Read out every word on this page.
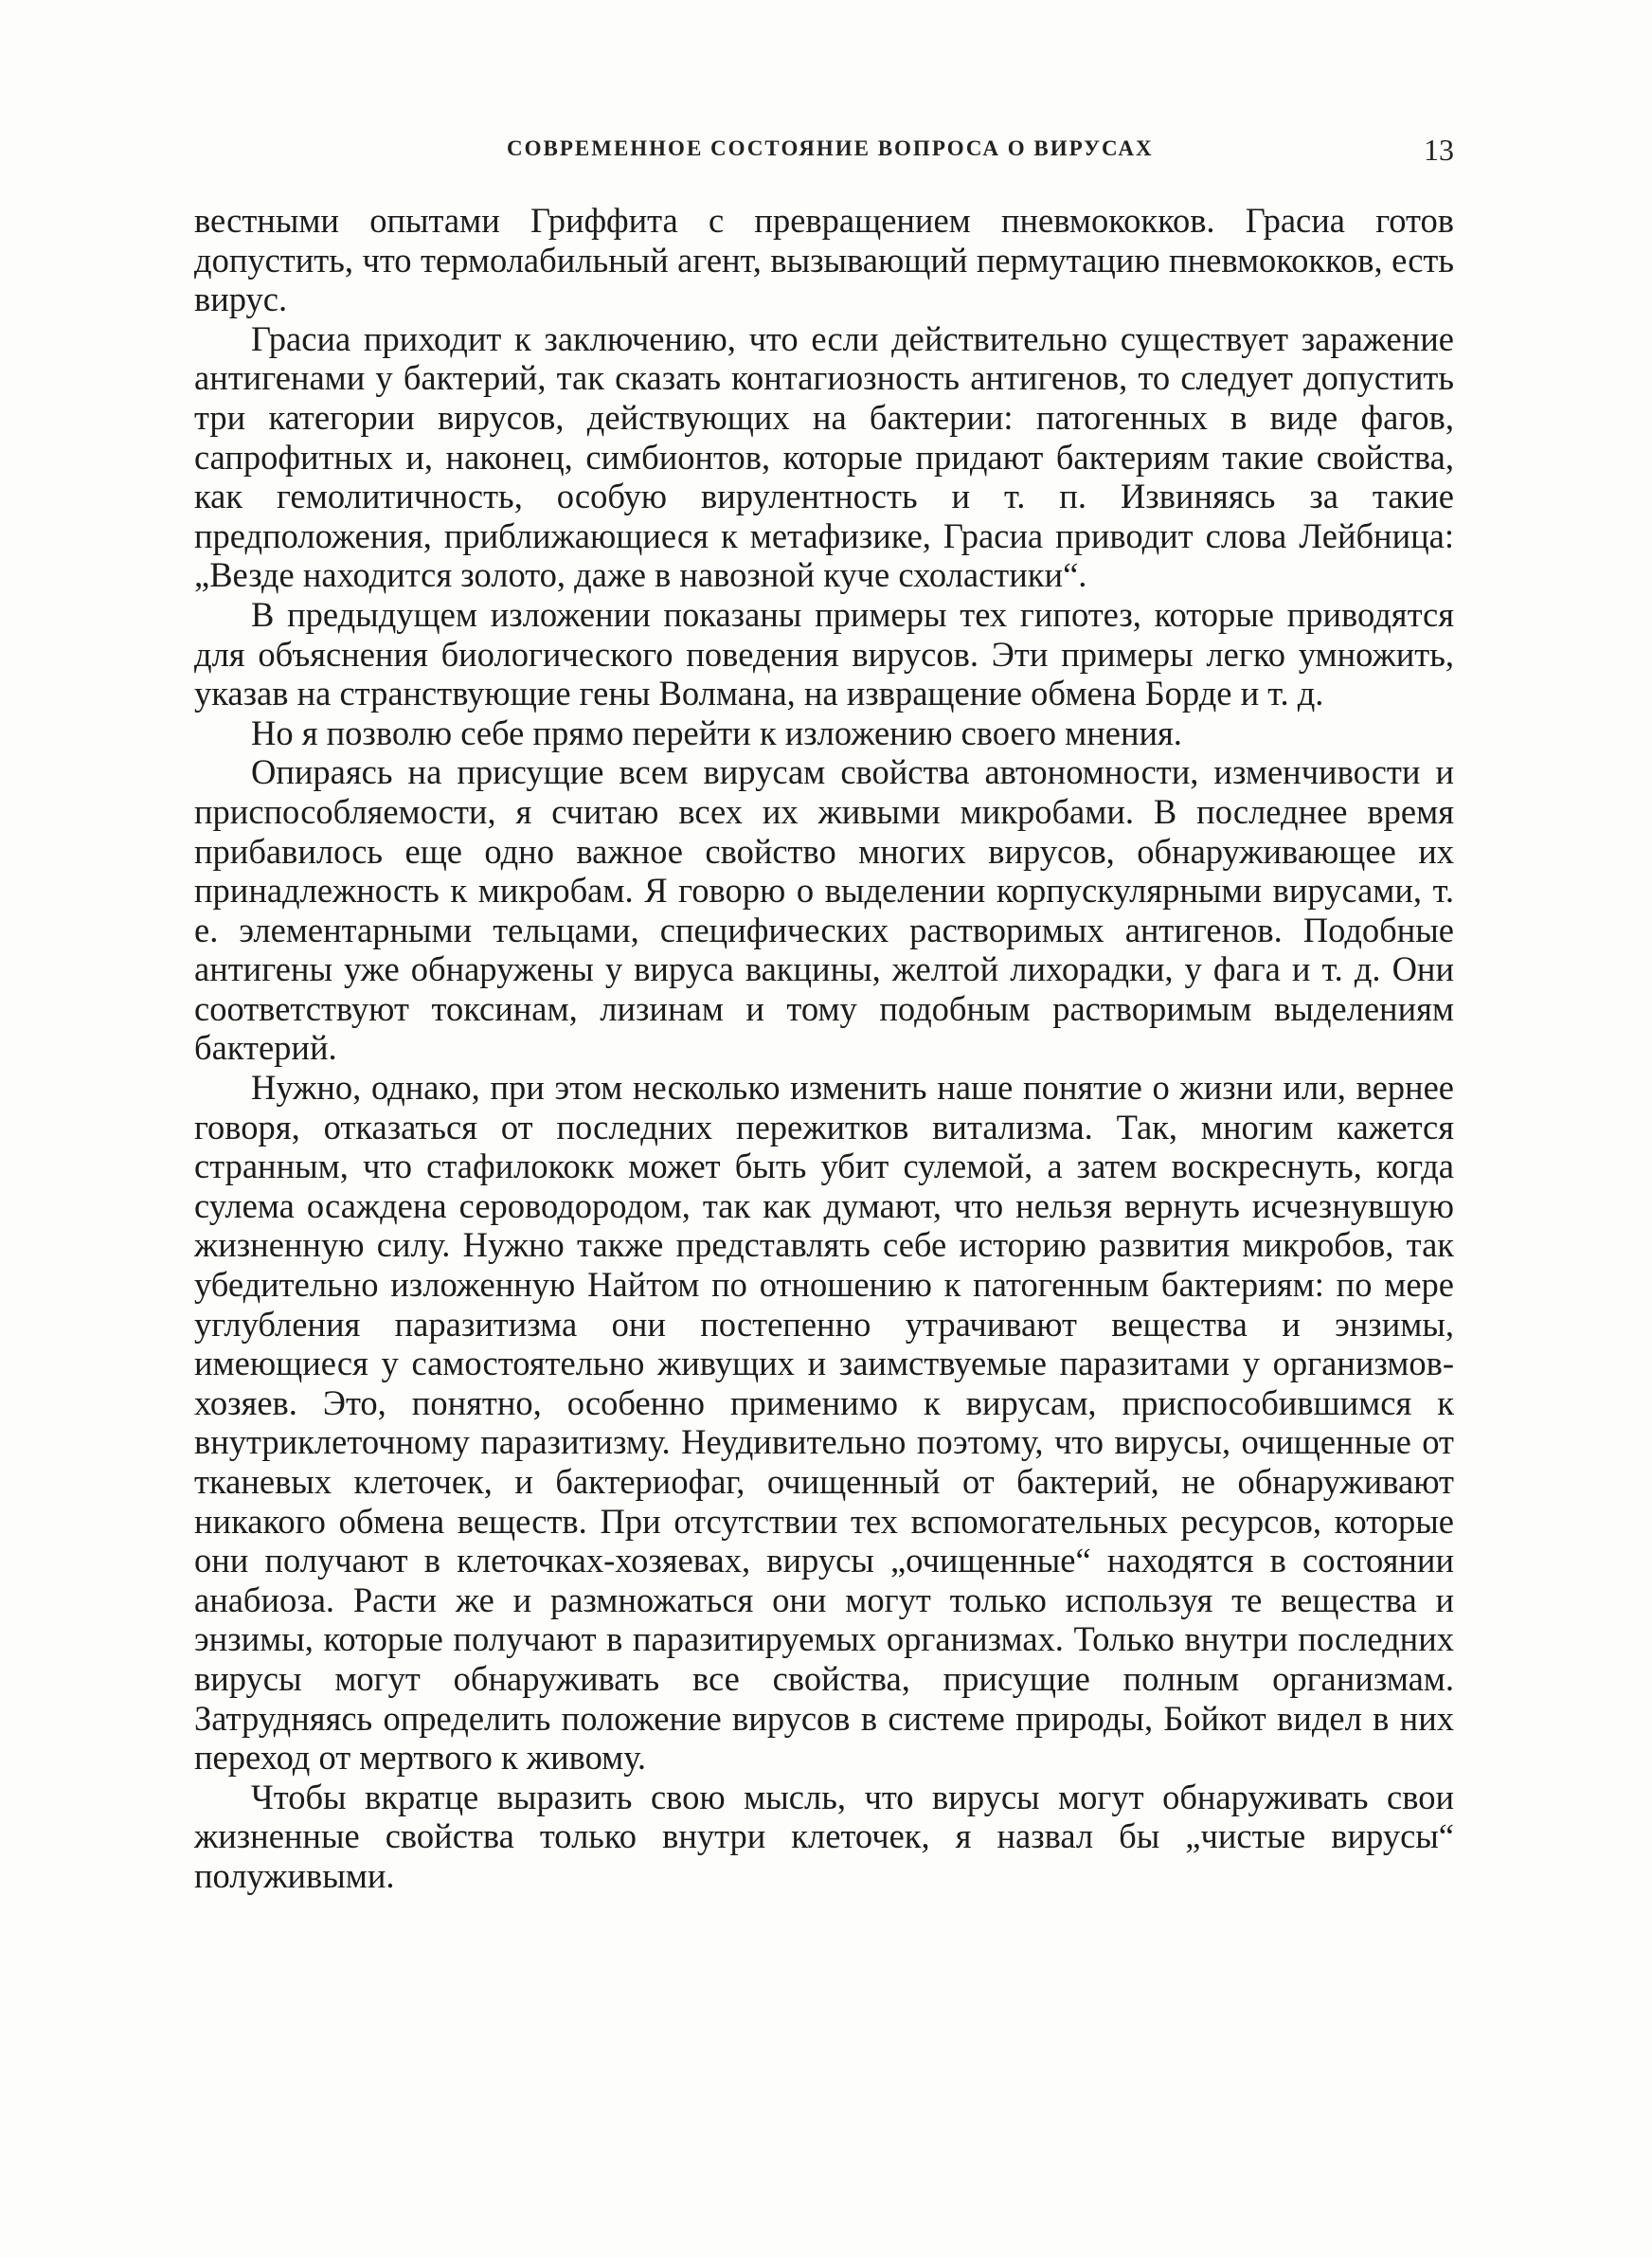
СОВРЕМЕННОЕ СОСТОЯНИЕ ВОПРОСА О ВИРУСАХ	13

вестными опытами Гриффита с превращением пневмококков. Грасиа готов допустить, что термолабильный агент, вызывающий пермутацию пневмококков, есть вирус.

Грасиа приходит к заключению, что если действительно существует заражение антигенами у бактерий, так сказать контагиозность антигенов, то следует допустить три категории вирусов, действующих на бактерии: патогенных в виде фагов, сапрофитных и, наконец, симбионтов, которые придают бактериям такие свойства, как гемолитичность, особую вирулентность и т. п. Извиняясь за такие предположения, приближающиеся к метафизике, Грасиа приводит слова Лейбница: „Везде находится золото, даже в навозной куче схоластики“.

В предыдущем изложении показаны примеры тех гипотез, которые приводятся для объяснения биологического поведения вирусов. Эти примеры легко умножить, указав на странствующие гены Волмана, на извращение обмена Борде и т. д.

Но я позволю себе прямо перейти к изложению своего мнения.

Опираясь на присущие всем вирусам свойства автономности, изменчивости и приспособляемости, я считаю всех их живыми микробами. В последнее время прибавилось еще одно важное свойство многих вирусов, обнаруживающее их принадлежность к микробам. Я говорю о выделении корпускулярными вирусами, т. е. элементарными тельцами, специфических растворимых антигенов. Подобные антигены уже обнаружены у вируса вакцины, желтой лихорадки, у фага и т. д. Они соответствуют токсинам, лизинам и тому подобным растворимым выделениям бактерий.

Нужно, однако, при этом несколько изменить наше понятие о жизни или, вернее говоря, отказаться от последних пережитков витализма. Так, многим кажется странным, что стафилококк может быть убит сулемой, а затем воскреснуть, когда сулема осаждена сероводородом, так как думают, что нельзя вернуть исчезнувшую жизненную силу. Нужно также представлять себе историю развития микробов, так убедительно изложенную Найтом по отношению к патогенным бактериям: по мере углубления паразитизма они постепенно утрачивают вещества и энзимы, имеющиеся у самостоятельно живущих и заимствуемые паразитами у организмов-хозяев. Это, понятно, особенно применимо к вирусам, приспособившимся к внутриклеточному паразитизму. Неудивительно поэтому, что вирусы, очищенные от тканевых клеточек, и бактериофаг, очищенный от бактерий, не обнаруживают никакого обмена веществ. При отсутствии тех вспомогательных ресурсов, которые они получают в клеточках-хозяевах, вирусы „очищенные“ находятся в состоянии анабиоза. Расти же и размножаться они могут только используя те вещества и энзимы, которые получают в паразитируемых организмах. Только внутри последних вирусы могут обнаруживать все свойства, присущие полным организмам. Затрудняясь определить положение вирусов в системе природы, Бойкот видел в них переход от мертвого к живому.

Чтобы вкратце выразить свою мысль, что вирусы могут обнаруживать свои жизненные свойства только внутри клеточек, я назвал бы „чистые вирусы“ полуживыми.
